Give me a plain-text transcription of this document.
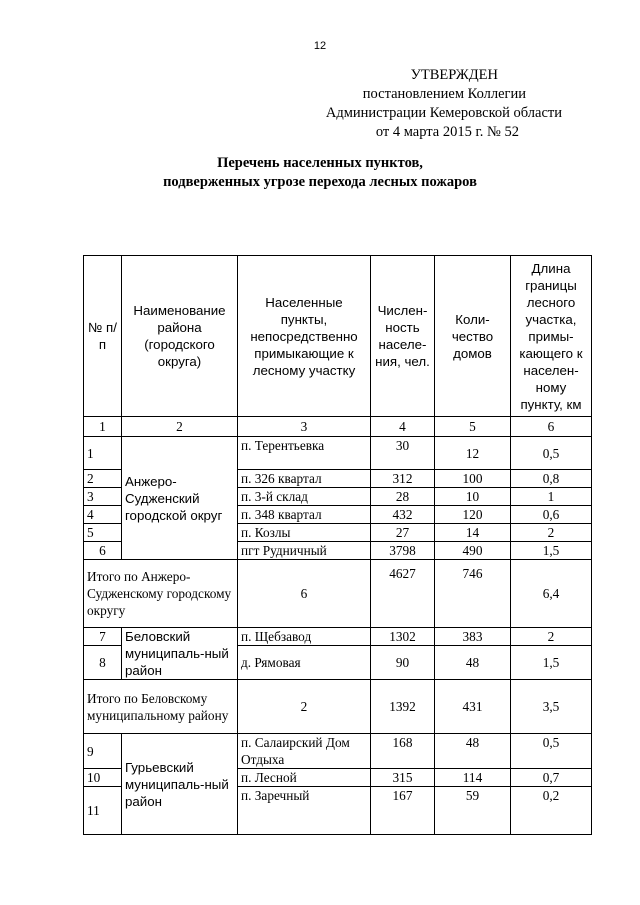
12
УТВЕРЖДЕН
постановлением Коллегии
Администрации Кемеровской области
от 4 марта 2015 г. № 52
Перечень населенных пунктов,
подверженных угрозе перехода лесных пожаров
№ п/п	Наименование района (городского округа)	Населенные пункты, непосредственно примыкающие к лесному участку	Числен-ность населе-ния, чел.	Коли-чество домов	Длина границы лесного участка, примы-кающего к населен-ному пункту, км
1	2	3	4	5	6
1	Анжеро-Судженский городской округ	п. Терентьевка	30	12	0,5
2		п. 326 квартал	312	100	0,8
3		п. 3-й склад	28	10	1
4		п. 348 квартал	432	120	0,6
5		п. Козлы	27	14	2
6		пгт Рудничный	3798	490	1,5
Итого по Анжеро-Судженскому городскому округу		6	4627	746	6,4
7	Беловский муниципаль-ный район	п. Щебзавод	1302	383	2
8		д. Рямовая	90	48	1,5
Итого по Беловскому муниципальному району		2	1392	431	3,5
9	Гурьевский муниципаль-ный район	п. Салаирский Дом Отдыха	168	48	0,5
10		п. Лесной	315	114	0,7
11		п. Заречный	167	59	0,2
